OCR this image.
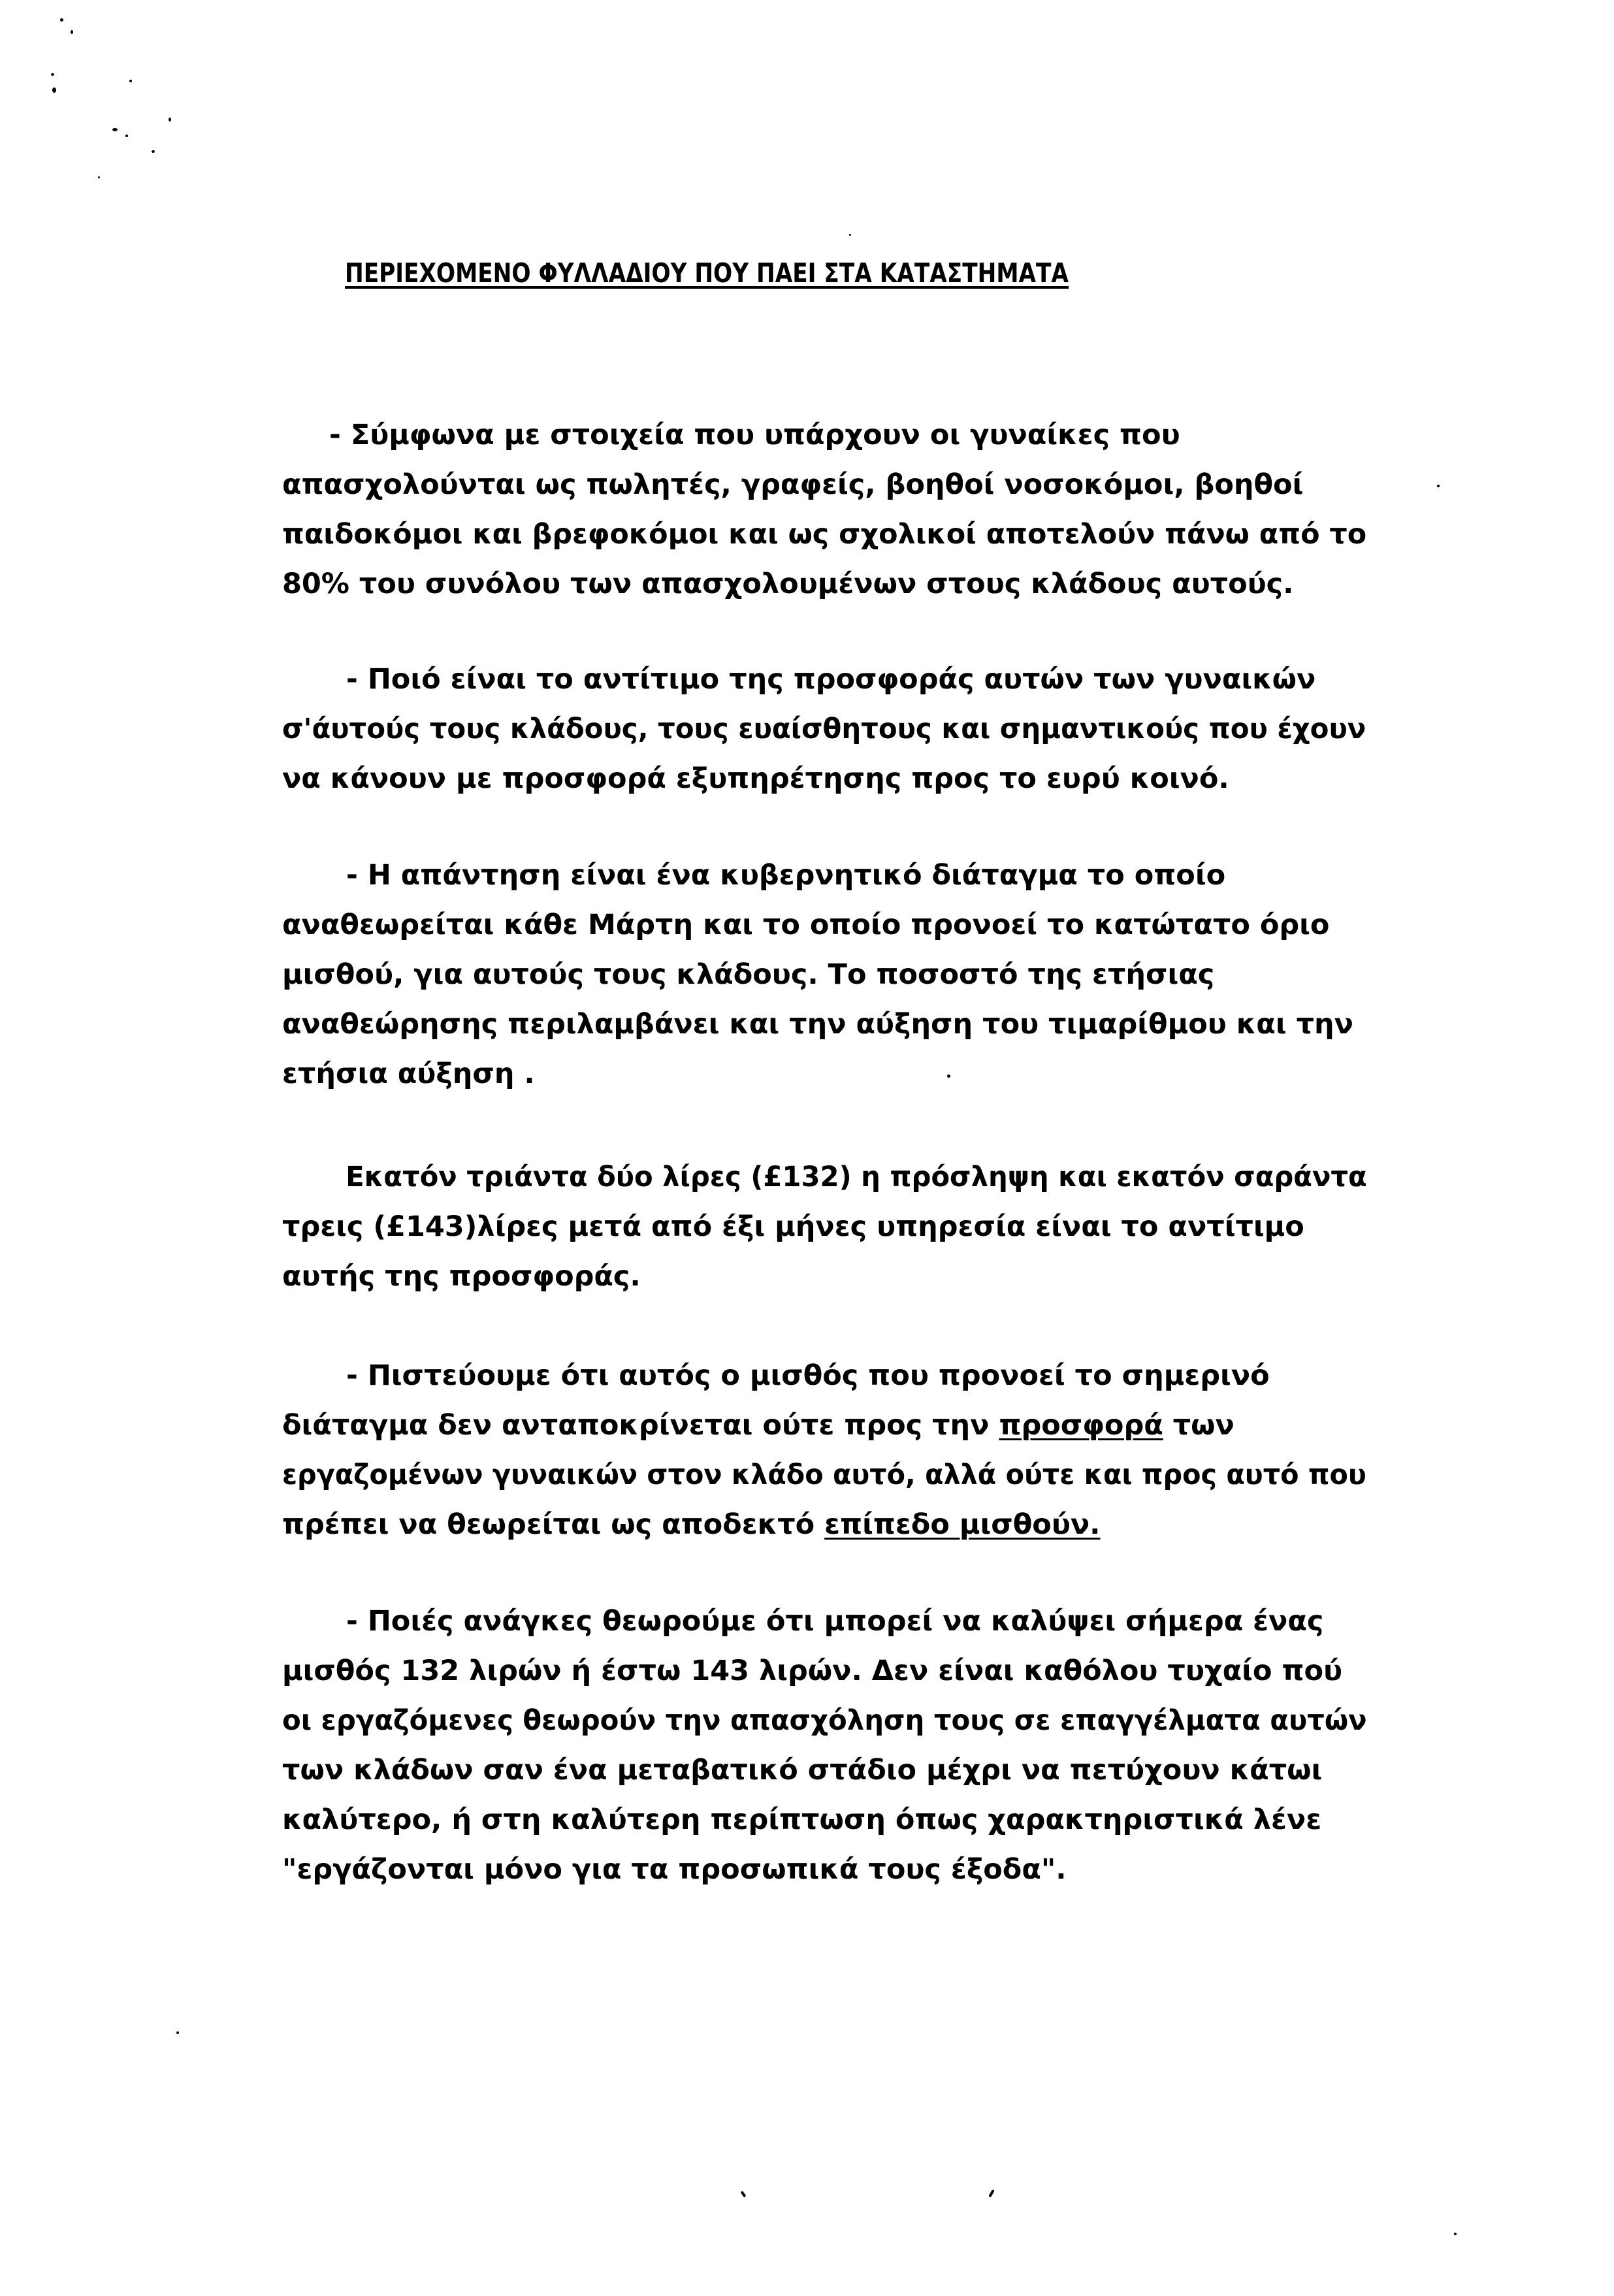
ΠΕΡΙΕΧΟΜΕΝΟ ΦΥΛΛΑΔΙΟΥ ΠΟΥ ΠΑΕΙ ΣΤΑ ΚΑΤΑΣΤΗΜΑΤΑ
- Σύμφωνα με στοιχεία που υπάρχουν οι γυναίκες που
απασχολούνται ως πωλητές, γραφείς, βοηθοί νοσοκόμοι, βοηθοί
παιδοκόμοι και βρεφοκόμοι και ως σχολικοί αποτελούν πάνω από το
80% του συνόλου των απασχολουμένων στους κλάδους αυτούς.
- Ποιό είναι το αντίτιμο της προσφοράς αυτών των γυναικών
σ'άυτούς τους κλάδους, τους ευαίσθητους και σημαντικούς που έχουν
να κάνουν με προσφορά εξυπηρέτησης προς το ευρύ κοινό.
- Η απάντηση είναι ένα κυβερνητικό διάταγμα το οποίο
αναθεωρείται κάθε Μάρτη και το οποίο προνοεί το κατώτατο όριο
μισθού, για αυτούς τους κλάδους. Το ποσοστό της ετήσιας
αναθεώρησης περιλαμβάνει και την αύξηση του τιμαρίθμου και την
ετήσια αύξηση .
Εκατόν τριάντα δύο λίρες (£132) η πρόσληψη και εκατόν σαράντα
τρεις (£143)λίρες μετά από έξι μήνες υπηρεσία είναι το αντίτιμο
αυτής της προσφοράς.
- Πιστεύουμε ότι αυτός ο μισθός που προνοεί το σημερινό
διάταγμα δεν ανταποκρίνεται ούτε προς την προσφορά των
εργαζομένων γυναικών στον κλάδο αυτό, αλλά ούτε και προς αυτό που
πρέπει να θεωρείται ως αποδεκτό επίπεδο μισθούν.
- Ποιές ανάγκες θεωρούμε ότι μπορεί να καλύψει σήμερα ένας
μισθός 132 λιρών ή έστω 143 λιρών. Δεν είναι καθόλου τυχαίο πού
οι εργαζόμενες θεωρούν την απασχόληση τους σε επαγγέλματα αυτών
των κλάδων σαν ένα μεταβατικό στάδιο μέχρι να πετύχουν κάτωι
καλύτερο, ή στη καλύτερη περίπτωση όπως χαρακτηριστικά λένε
"εργάζονται μόνο για τα προσωπικά τους έξοδα".
